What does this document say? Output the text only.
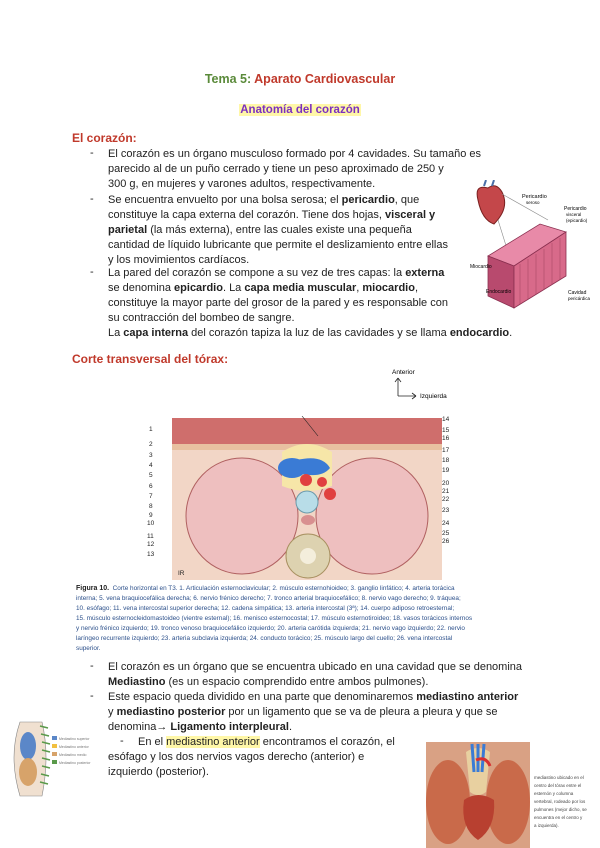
Tema 5: Aparato Cardiovascular
Anatomía del corazón
El corazón:
- El corazón es un órgano musculoso formado por 4 cavidades. Su tamaño es
parecido al de un puño cerrado y tiene un peso aproximado de 250 y
300 g, en mujeres y varones adultos, respectivamente.
- Se encuentra envuelto por una bolsa serosa; el pericardio, que
constituye la capa externa del corazón. Tiene dos hojas, visceral y
parietal (la más externa), entre las cuales existe una pequeña
cantidad de líquido lubricante que permite el deslizamiento entre ellas
y los movimientos cardíacos.
- La pared del corazón se compone a su vez de tres capas: la externa
se denomina epicardio. La capa media muscular, miocardio,
constituye la mayor parte del grosor de la pared y es responsable con
su contracción del bombeo de sangre.
La capa interna del corazón tapiza la luz de las cavidades y se llama endocardio.
Pericardio
seroso
Pericardio
visceral
(epicardio)
Miocardio
Endocardio	Cavidad
pericárdica
Corte transversal del tórax:
Anterior
Izquierda
1
2
3
4
5
6
7
8
9
10
11
12
13
14
15
16
17
18
19
20
21
22
23
24
25
26
IR
Figura 10. Corte horizontal en T3. 1. Articulación esternoclavicular; 2. músculo esternohioideo; 3. ganglio linfático; 4. arteria torácica
interna; 5. vena braquiocefálica derecha; 6. nervio frénico derecho; 7. tronco arterial braquiocefálico; 8. nervio vago derecho; 9. tráquea;
10. esófago; 11. vena intercostal superior derecha; 12. cadena simpática; 13. arteria intercostal (3ª); 14. cuerpo adiposo retroesternal;
15. músculo esternocleidomastoideo (vientre esternal); 16. menisco esternocostal; 17. músculo esternotiroideo; 18. vasos torácicos internos
y nervio frénico izquierdo; 19. tronco venoso braquiocefálico izquierdo; 20. arteria carótida izquierda; 21. nervio vago izquierdo; 22. nervio
laríngeo recurrente izquierdo; 23. arteria subclavia izquierda; 24. conducto torácico; 25. músculo largo del cuello; 26. vena intercostal
superior.
- El corazón es un órgano que se encuentra ubicado en una cavidad que se denomina
Mediastino (es un espacio comprendido entre ambos pulmones).
- Este espacio queda dividido en una parte que denominaremos mediastino anterior
y mediastino posterior por un ligamento que se va de pleura a pleura y que se
denomina→ Ligamento interpleural.
-	En el mediastino anterior encontramos el corazón, el
esófago y los dos nervios vagos derecho (anterior) e
izquierdo (posterior).
Mediastino superior
Mediastino anterior
Mediastino medio
Mediastino posterior
mediastino ubicado en el
centro del tórax entre el
esternón y columna
vertebral, rodeado por los
pulmones (mejor dicho, se
encuentra en el centro y
a izquierda).
